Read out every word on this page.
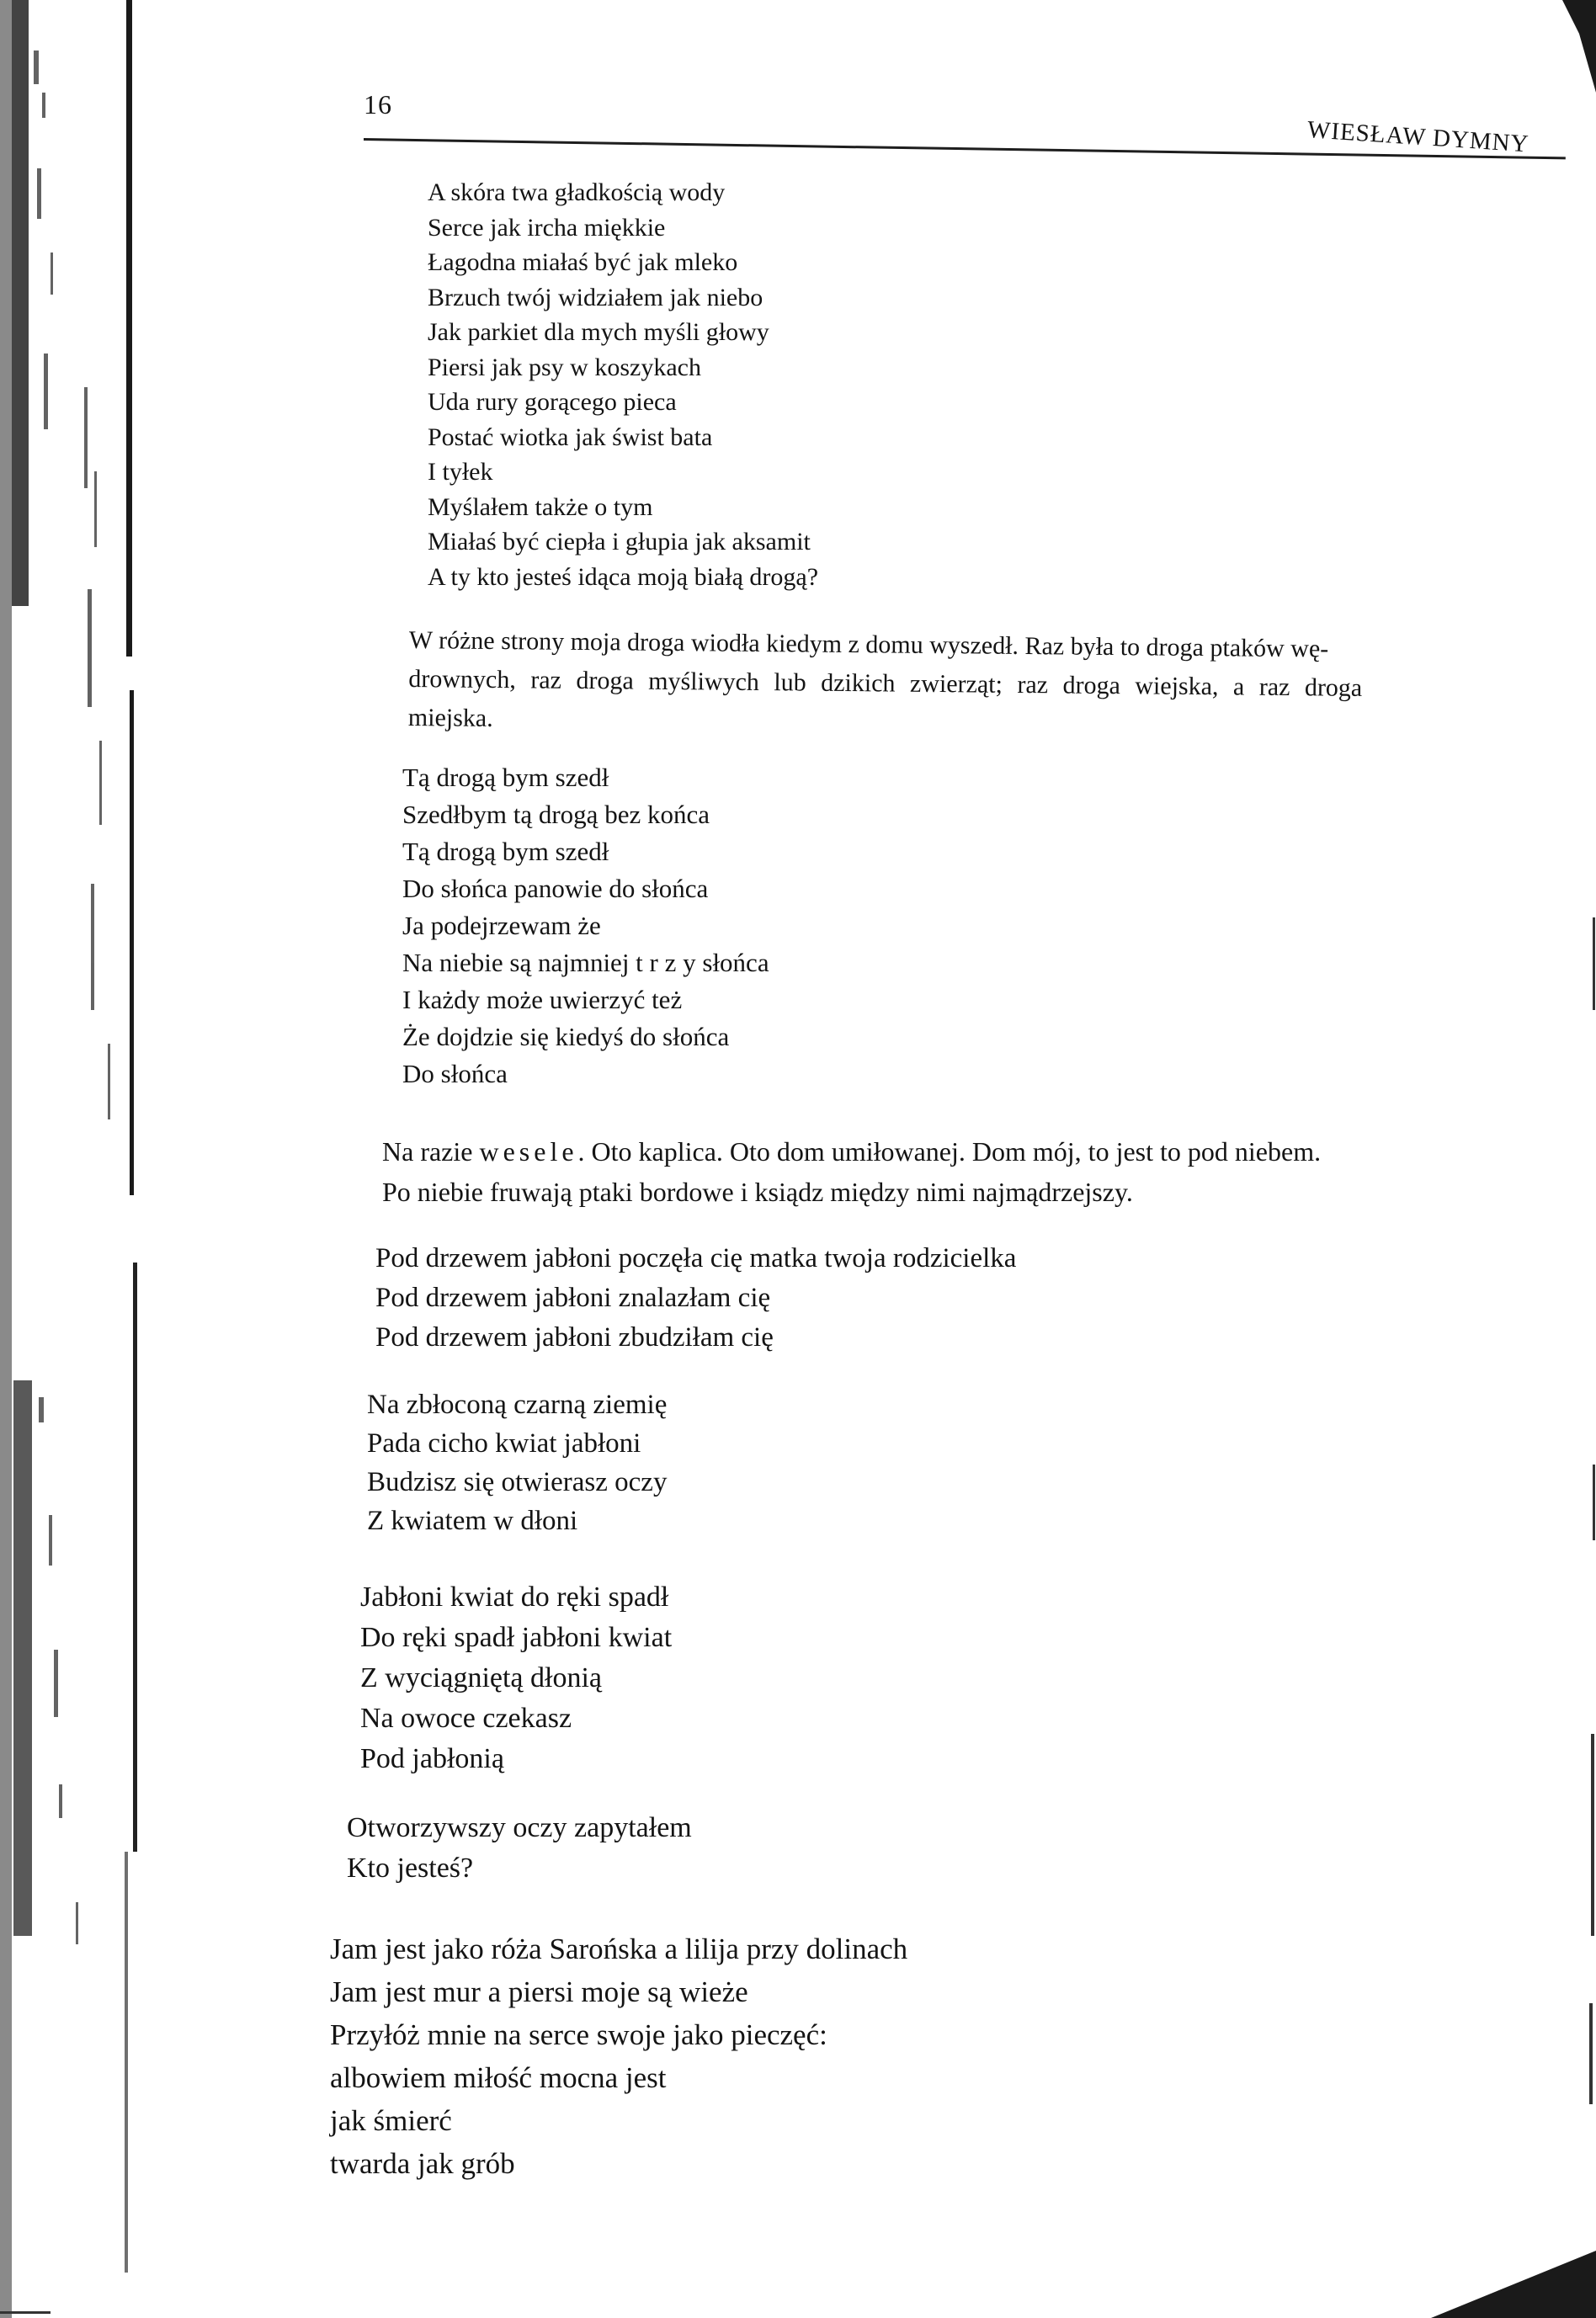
16
WIESŁAW DYMNY
A skóra twa gładkością wody
Serce jak ircha miękkie
Łagodna miałaś być jak mleko
Brzuch twój widziałem jak niebo
Jak parkiet dla mych myśli głowy
Piersi jak psy w koszykach
Uda rury gorącego pieca
Postać wiotka jak świst bata
I tyłek
Myślałem także o tym
Miałaś być ciepła i głupia jak aksamit
A ty kto jesteś idąca moją białą drogą?
W różne strony moja droga wiodła kiedym z domu wyszedł. Raz była to droga ptaków wę-
drownych, raz droga myśliwych lub dzikich zwierząt; raz droga wiejska, a raz droga
miejska.
Tą drogą bym szedł
Szedłbym tą drogą bez końca
Tą drogą bym szedł
Do słońca panowie do słońca
Ja podejrzewam że
Na niebie są najmniej t r z y słońca
I każdy może uwierzyć też
Że dojdzie się kiedyś do słońca
Do słońca
Na razie wesele. Oto kaplica. Oto dom umiłowanej. Dom mój, to jest to pod niebem.
Po niebie fruwają ptaki bordowe i ksiądz między nimi najmądrzejszy.
Pod drzewem jabłoni poczęła cię matka twoja rodzicielka
Pod drzewem jabłoni znalazłam cię
Pod drzewem jabłoni zbudziłam cię
Na zbłoconą czarną ziemię
Pada cicho kwiat jabłoni
Budzisz się otwierasz oczy
Z kwiatem w dłoni
Jabłoni kwiat do ręki spadł
Do ręki spadł jabłoni kwiat
Z wyciągniętą dłonią
Na owoce czekasz
Pod jabłonią
Otworzywszy oczy zapytałem
Kto jesteś?
Jam jest jako róża Sarońska a lilija przy dolinach
Jam jest mur a piersi moje są wieże
Przyłóż mnie na serce swoje jako pieczęć:
albowiem miłość mocna jest
jak śmierć
twarda jak grób
